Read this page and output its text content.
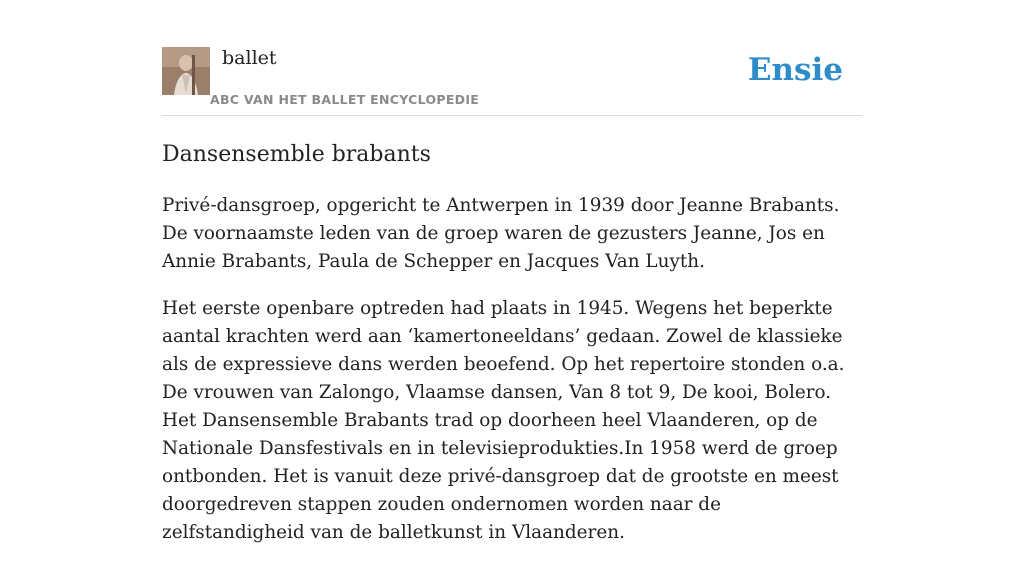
ballet
ABC VAN HET BALLET ENCYCLOPEDIE
Ensie
Dansensemble brabants

Privé-dansgroep, opgericht te Antwerpen in 1939 door Jeanne Brabants. De voornaamste leden van de groep waren de gezusters Jeanne, Jos en Annie Brabants, Paula de Schepper en Jacques Van Luyth.

Het eerste openbare optreden had plaats in 1945. Wegens het beperkte aantal krachten werd aan ‘kamertoneeldans’ gedaan. Zowel de klassieke als de expressieve dans werden beoefend. Op het repertoire stonden o.a. De vrouwen van Zalongo, Vlaamse dansen, Van 8 tot 9, De kooi, Bolero. Het Dansensemble Brabants trad op doorheen heel Vlaanderen, op de Nationale Dansfestivals en in televisieprodukties.In 1958 werd de groep ontbonden. Het is vanuit deze privé-dansgroep dat de grootste en meest doorgedreven stappen zouden ondernomen worden naar de zelfstandigheid van de balletkunst in Vlaanderen.
